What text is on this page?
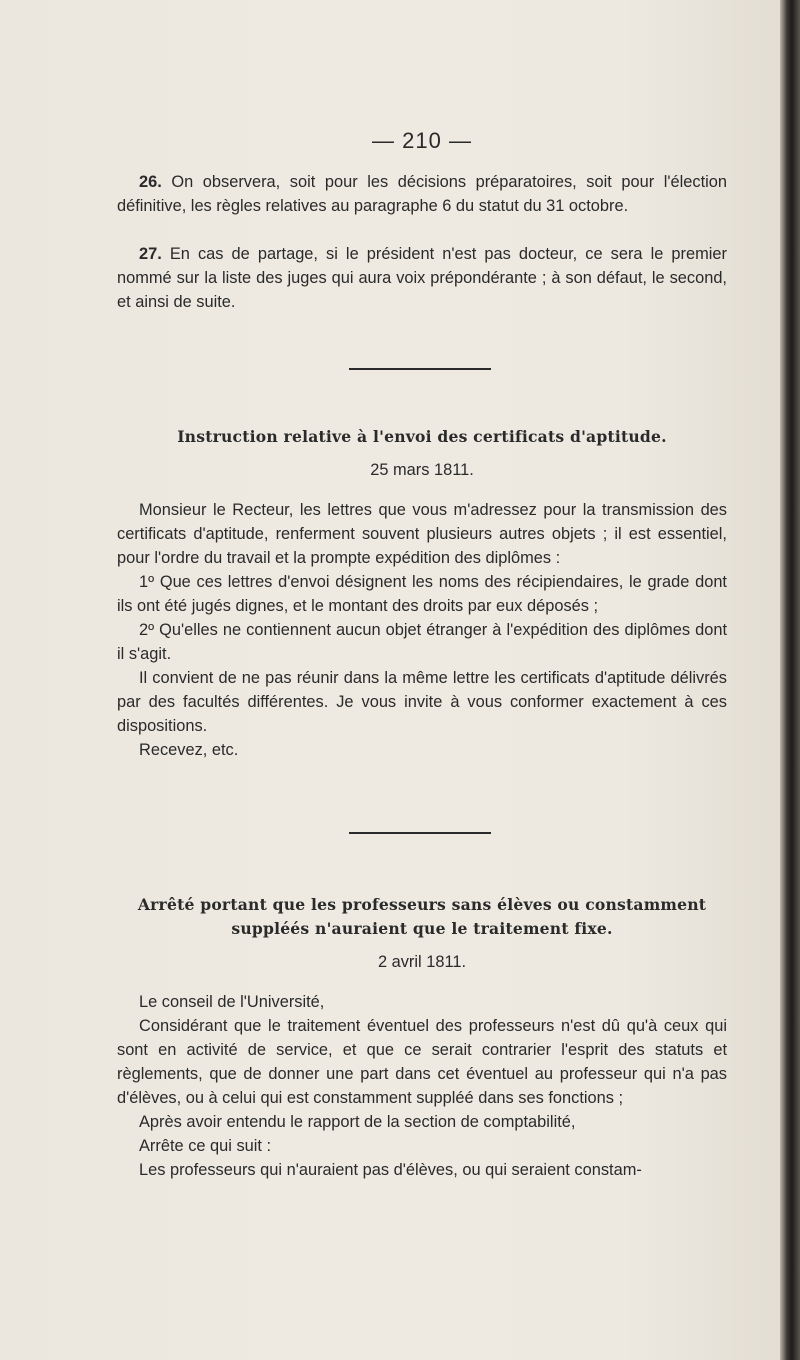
— 210 —

26. On observera, soit pour les décisions préparatoires, soit pour l'élection définitive, les règles relatives au paragraphe 6 du statut du 31 octobre.

27. En cas de partage, si le président n'est pas docteur, ce sera le premier nommé sur la liste des juges qui aura voix prépondérante ; à son défaut, le second, et ainsi de suite.

Instruction relative à l'envoi des certificats d'aptitude.
25 mars 1811.

Monsieur le Recteur, les lettres que vous m'adressez pour la transmission des certificats d'aptitude, renferment souvent plusieurs autres objets ; il est essentiel, pour l'ordre du travail et la prompte expédition des diplômes :

1º Que ces lettres d'envoi désignent les noms des récipiendaires, le grade dont ils ont été jugés dignes, et le montant des droits par eux déposés ;

2º Qu'elles ne contiennent aucun objet étranger à l'expédition des diplômes dont il s'agit.

Il convient de ne pas réunir dans la même lettre les certificats d'aptitude délivrés par des facultés différentes. Je vous invite à vous conformer exactement à ces dispositions.

Recevez, etc.

Arrêté portant que les professeurs sans élèves ou constamment suppléés n'auraient que le traitement fixe.
2 avril 1811.

Le conseil de l'Université,

Considérant que le traitement éventuel des professeurs n'est dû qu'à ceux qui sont en activité de service, et que ce serait contrarier l'esprit des statuts et règlements, que de donner une part dans cet éventuel au professeur qui n'a pas d'élèves, ou à celui qui est constamment suppléé dans ses fonctions ;

Après avoir entendu le rapport de la section de comptabilité,

Arrête ce qui suit :

Les professeurs qui n'auraient pas d'élèves, ou qui seraient constam-
